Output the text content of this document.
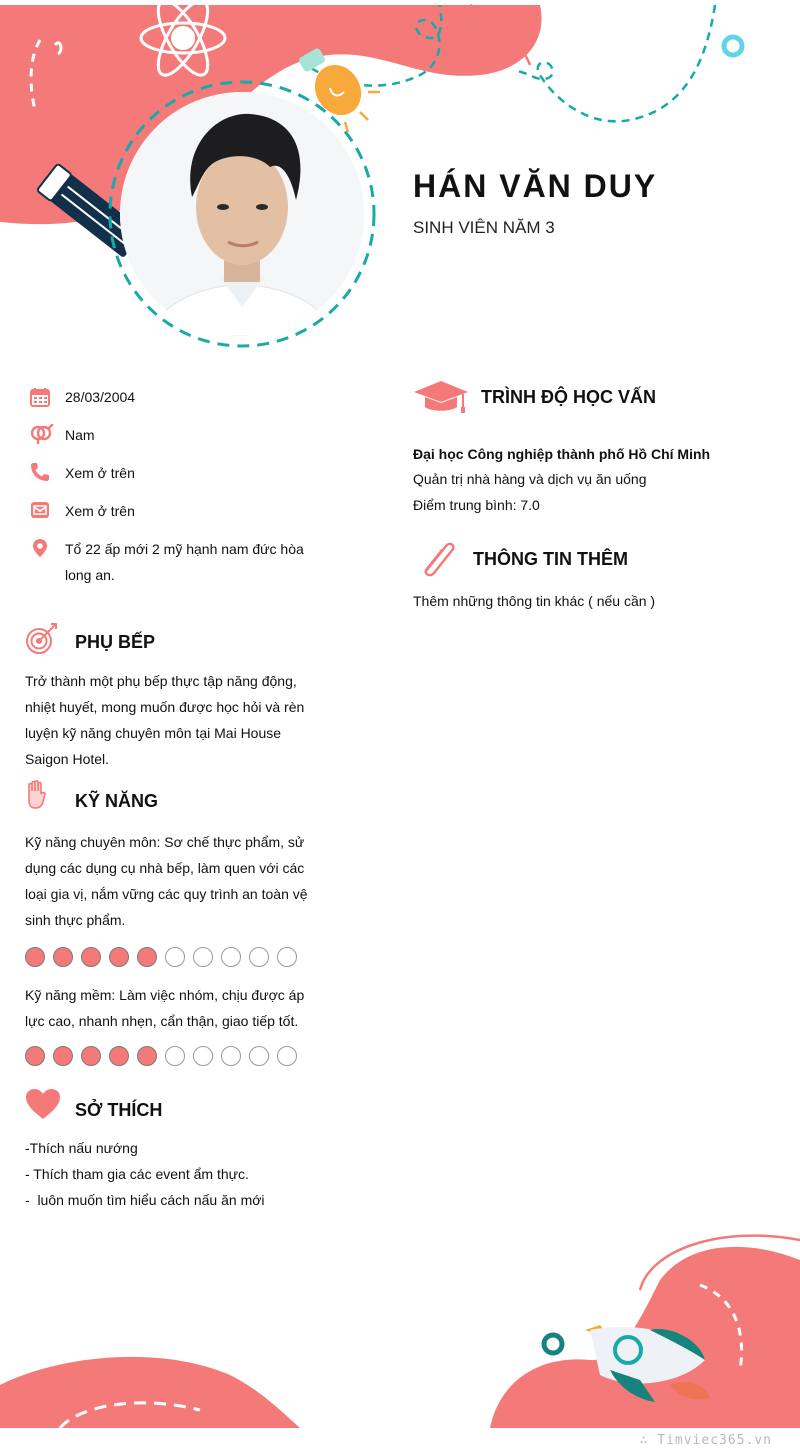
HÁN VĂN DUY
SINH VIÊN NĂM 3
28/03/2004
Nam
Xem ở trên
Xem ở trên
Tổ 22 ấp mới 2 mỹ hạnh nam đức hòa
long an.
PHỤ BẾP
Trở thành một phụ bếp thực tập năng động,
nhiệt huyết, mong muốn được học hỏi và rèn
luyện kỹ năng chuyên môn tại Mai House
Saigon Hotel.
KỸ NĂNG
Kỹ năng chuyên môn: Sơ chế thực phẩm, sử
dụng các dụng cụ nhà bếp, làm quen với các
loại gia vị, nắm vững các quy trình an toàn vệ
sinh thực phẩm.
Kỹ năng mềm: Làm việc nhóm, chịu được áp
lực cao, nhanh nhẹn, cẩn thận, giao tiếp tốt.
SỞ THÍCH
-Thích nấu nướng
- Thích tham gia các event ẩm thực.
-  luôn muốn tìm hiểu cách nấu ăn mới
TRÌNH ĐỘ HỌC VẤN
Đại học Công nghiệp thành phố Hồ Chí Minh
Quản trị nhà hàng và dịch vụ ăn uống
Điểm trung bình: 7.0
THÔNG TIN THÊM
Thêm những thông tin khác ( nếu cần )
∴ Timviec365.vn
